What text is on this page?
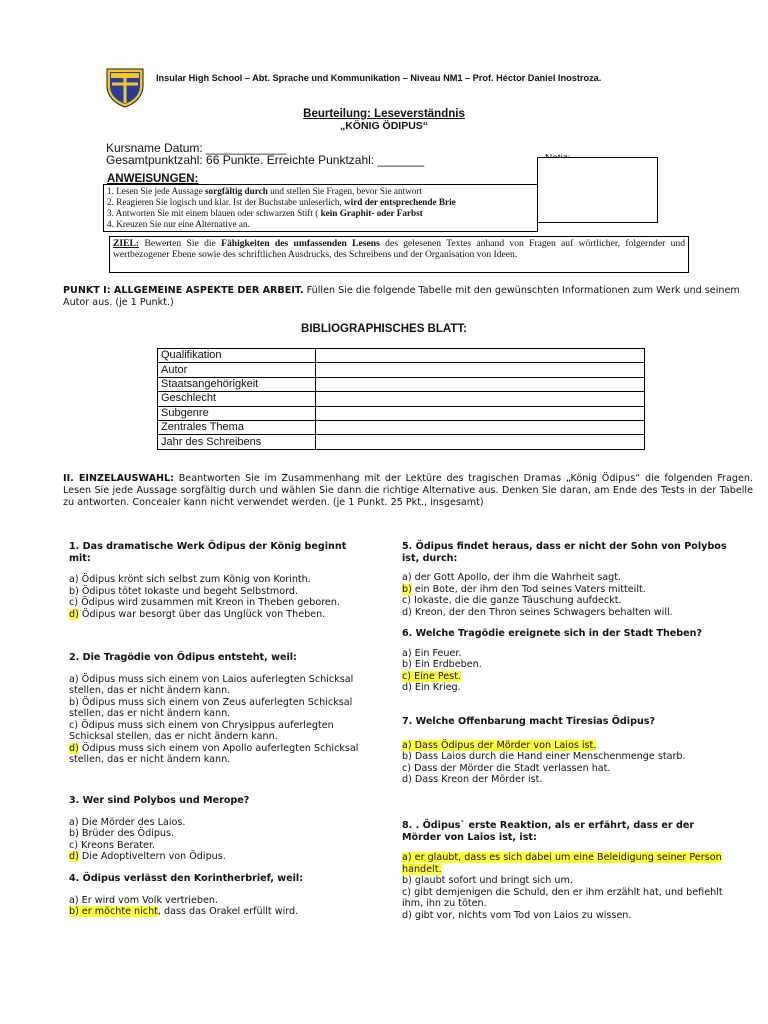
Insular High School – Abt. Sprache und Kommunikation – Niveau NM1 – Prof. Héctor Daniel Inostroza.
Beurteilung: Leseverständnis
„KÖNIG ÖDIPUS“
Kursname Datum: ____________
Gesamtpunktzahl: 66 Punkte. Erreichte Punktzahl: _______
ANWEISUNGEN:
1. Lesen Sie jede Aussage sorgfältig durch und stellen Sie Fragen, bevor Sie antwort
2. Reagieren Sie logisch und klar. Ist der Buchstabe unleserlich, wird der entsprechende Brie
3. Antworten Sie mit einem blauen oder schwarzen Stift ( kein Graphit- oder Farbst
4. Kreuzen Sie nur eine Alternative an.
ZIEL: Bewerten Sie die Fähigkeiten des umfassenden Lesens des gelesenen Textes anhand von Fragen auf wörtlicher, folgernder und wertbezogener Ebene sowie des schriftlichen Ausdrucks, des Schreibens und der Organisation von Ideen.
PUNKT I: ALLGEMEINE ASPEKTE DER ARBEIT. Füllen Sie die folgende Tabelle mit den gewünschten Informationen zum Werk und seinem Autor aus. (je 1 Punkt.)
BIBLIOGRAPHISCHES BLATT:
Qualifikation	
Autor	
Staatsangehörigkeit	
Geschlecht	
Subgenre	
Zentrales Thema	
Jahr des Schreibens	
II. EINZELAUSWAHL: Beantworten Sie im Zusammenhang mit der Lektüre des tragischen Dramas „König Ödipus“ die folgenden Fragen. Lesen Sie jede Aussage sorgfältig durch und wählen Sie dann die richtige Alternative aus. Denken Sie daran, am Ende des Tests in der Tabelle zu antworten. Concealer kann nicht verwendet werden. (je 1 Punkt. 25 Pkt., insgesamt)

1. Das dramatische Werk Ödipus der König beginnt mit:

a) Ödipus krönt sich selbst zum König von Korinth.

b) Ödipus tötet Iokaste und begeht Selbstmord.

c) Ödipus wird zusammen mit Kreon in Theben geboren.

d) Ödipus war besorgt über das Unglück von Theben.

2. Die Tragödie von Ödipus entsteht, weil:

a) Ödipus muss sich einem von Laios auferlegten Schicksal stellen, das er nicht ändern kann.

b) Ödipus muss sich einem von Zeus auferlegten Schicksal stellen, das er nicht ändern kann.

c) Ödipus muss sich einem von Chrysippus auferlegten Schicksal stellen, das er nicht ändern kann.

d) Ödipus muss sich einem von Apollo auferlegten Schicksal stellen, das er nicht ändern kann.

3. Wer sind Polybos und Merope?

a) Die Mörder des Laios.

b) Brüder des Ödipus.

c) Kreons Berater.

d) Die Adoptiveltern von Ödipus.

4. Ödipus verlässt den Korintherbrief, weil:

a) Er wird vom Volk vertrieben.

b) er möchte nicht, dass das Orakel erfüllt wird.

5. Ödipus findet heraus, dass er nicht der Sohn von Polybos ist, durch:

a) der Gott Apollo, der ihm die Wahrheit sagt.

b) ein Bote, der ihm den Tod seines Vaters mitteilt.

c) Iokaste, die die ganze Täuschung aufdeckt.

d) Kreon, der den Thron seines Schwagers behalten will.

6. Welche Tragödie ereignete sich in der Stadt Theben?

a) Ein Feuer.

b) Ein Erdbeben.

c) Eine Pest.

d) Ein Krieg.

7. Welche Offenbarung macht Tiresias Ödipus?

a) Dass Ödipus der Mörder von Laios ist.

b) Dass Laios durch die Hand einer Menschenmenge starb.

c) Dass der Mörder die Stadt verlassen hat.

d) Dass Kreon der Mörder ist.

8. . Ödipus` erste Reaktion, als er erfährt, dass er der Mörder von Laios ist, ist:

a) er glaubt, dass es sich dabei um eine Beleidigung seiner Person handelt.

b) glaubt sofort und bringt sich um.

c) gibt demjenigen die Schuld, den er ihm erzählt hat, und befiehlt ihm, ihn zu töten.

d) gibt vor, nichts vom Tod von Laios zu wissen.
